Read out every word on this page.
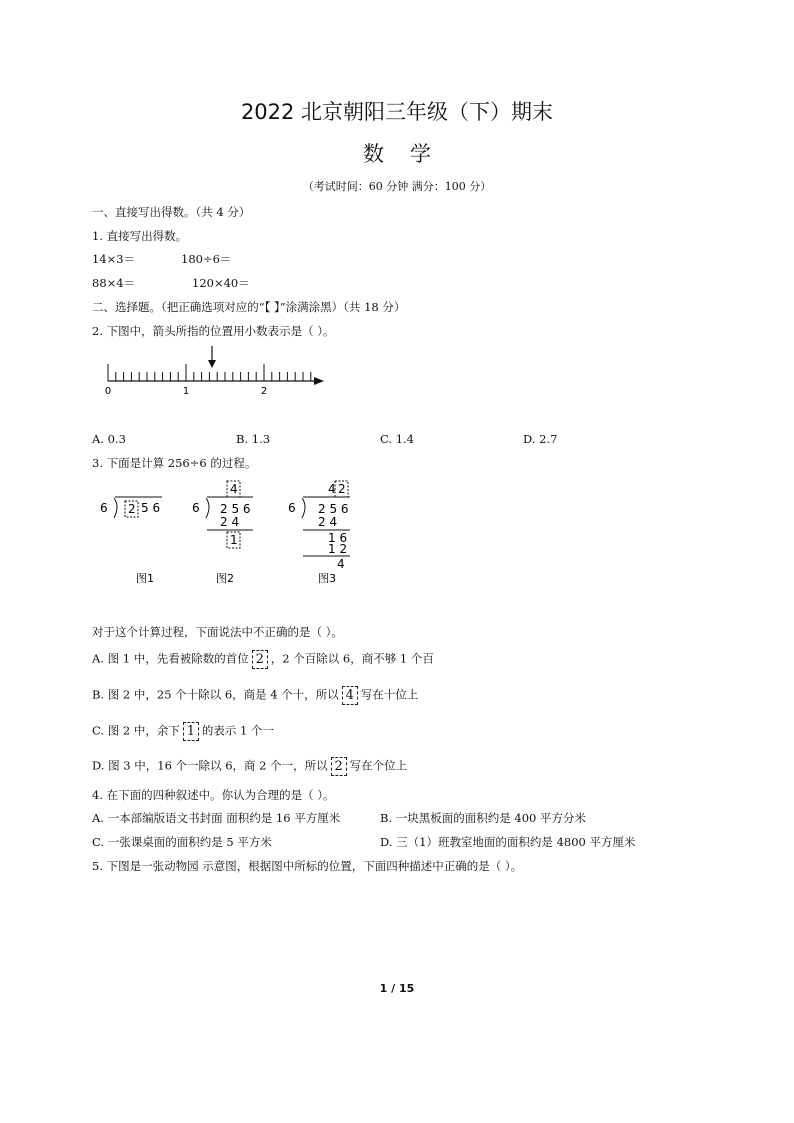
2022 北京朝阳三年级（下）期末
数学
（考试时间：60 分钟 满分：100 分）
一、直接写出得数。（共 4 分）
1. 直接写出得数。
14×3＝	180÷6＝
88×4＝	120×40＝
二、选择题。（把正确选项对应的“【 】”涂满涂黑）（共 18 分）
2. 下图中，箭头所指的位置用小数表示是（ ）。
0	1	2
A. 0.3	B. 1.3	C. 1.4	D. 2.7
3. 下面是计算 256÷6 的过程。
6 2 5 6
图1
4
6 2 5 6
2 4
1
图2
4 2
6 2 5 6
2 4
1 6
1 2
4
图3
对于这个计算过程，下面说法中不正确的是（ ）。
A. 图 1 中，先看被除数的首位 2 ，2 个百除以 6，商不够 1 个百
B. 图 2 中，25 个十除以 6，商是 4 个十，所以 4 写在十位上
C. 图 2 中，余下 1 的表示 1 个一
D. 图 3 中，16 个一除以 6，商 2 个一，所以 2 写在个位上
4. 在下面的四种叙述中。你认为合理的是（ ）。
A. 一本部编版语文书封面 面积约是 16 平方厘米	B. 一块黑板面的面积约是 400 平方分米
C. 一张课桌面的面积约是 5 平方米	D. 三（1）班教室地面的面积约是 4800 平方厘米
5. 下图是一张动物园 示意图，根据图中所标的位置，下面四种描述中正确的是（ ）。
1 / 15
